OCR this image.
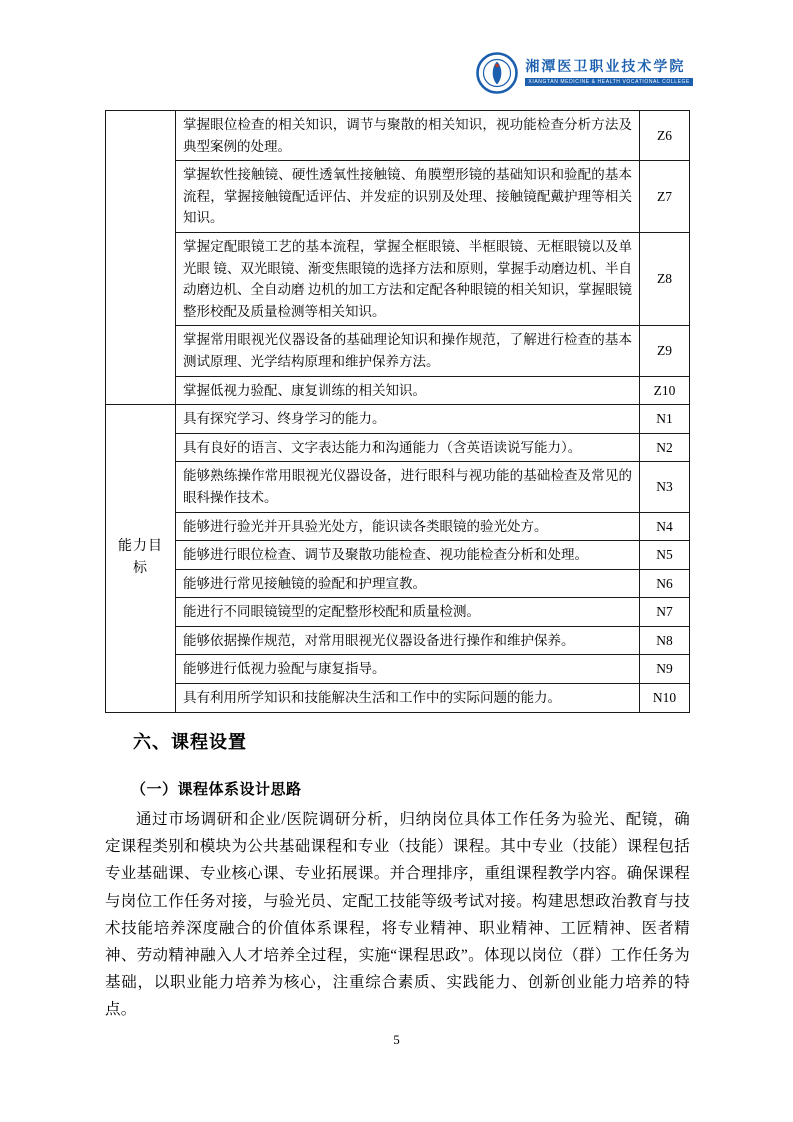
湘潭医卫职业技术学院
XIANGTAN MEDICINE & HEALTH VOCATIONAL COLLEGE
	掌握眼位检查的相关知识，调节与聚散的相关知识，视功能检查分析方法及典型案例的处理。	Z6
	掌握软性接触镜、硬性透氧性接触镜、角膜塑形镜的基础知识和验配的基本流程，掌握接触镜配适评估、并发症的识别及处理、接触镜配戴护理等相关知识。	Z7
	掌握定配眼镜工艺的基本流程，掌握全框眼镜、半框眼镜、无框眼镜以及单光眼 镜、双光眼镜、渐变焦眼镜的选择方法和原则，掌握手动磨边机、半自动磨边机、全自动磨 边机的加工方法和定配各种眼镜的相关知识，掌握眼镜整形校配及质量检测等相关知识。	Z8
	掌握常用眼视光仪器设备的基础理论知识和操作规范，了解进行检查的基本测试原理、光学结构原理和维护保养方法。	Z9
	掌握低视力验配、康复训练的相关知识。	Z10
能力目标	具有探究学习、终身学习的能力。	N1
	具有良好的语言、文字表达能力和沟通能力（含英语读说写能力）。	N2
	能够熟练操作常用眼视光仪器设备，进行眼科与视功能的基础检查及常见的眼科操作技术。	N3
	能够进行验光并开具验光处方，能识读各类眼镜的验光处方。	N4
	能够进行眼位检查、调节及聚散功能检查、视功能检查分析和处理。	N5
	能够进行常见接触镜的验配和护理宣教。	N6
	能进行不同眼镜镜型的定配整形校配和质量检测。	N7
	能够依据操作规范，对常用眼视光仪器设备进行操作和维护保养。	N8
	能够进行低视力验配与康复指导。	N9
	具有利用所学知识和技能解决生活和工作中的实际问题的能力。	N10
六、课程设置
（一）课程体系设计思路
通过市场调研和企业/医院调研分析，归纳岗位具体工作任务为验光、配镜，确定课程类别和模块为公共基础课程和专业（技能）课程。其中专业（技能）课程包括专业基础课、专业核心课、专业拓展课。并合理排序，重组课程教学内容。确保课程与岗位工作任务对接，与验光员、定配工技能等级考试对接。构建思想政治教育与技术技能培养深度融合的价值体系课程，将专业精神、职业精神、工匠精神、医者精神、劳动精神融入人才培养全过程，实施“课程思政”。体现以岗位（群）工作任务为基础，以职业能力培养为核心，注重综合素质、实践能力、创新创业能力培养的特点。
5
